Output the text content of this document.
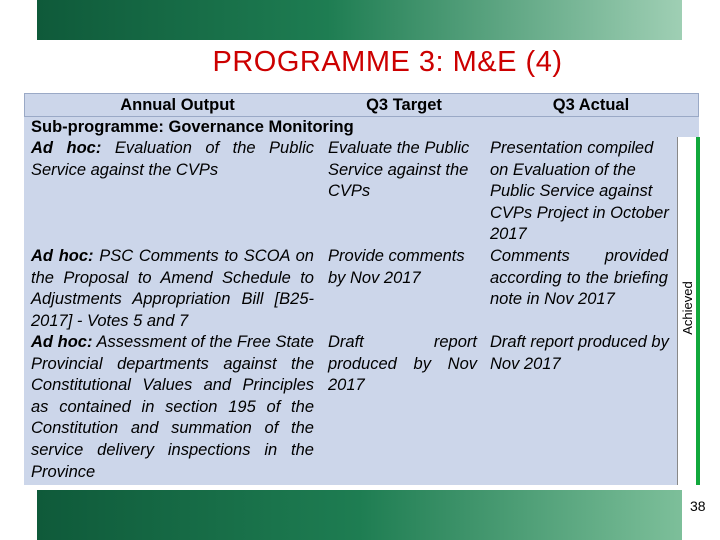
PROGRAMME 3: M&E (4)
Annual Output	Q3 Target	Q3 Actual
Sub-programme: Governance Monitoring
Ad hoc: Evaluation of the Public Service against the CVPs
Evaluate the Public Service against the CVPs
Presentation compiled on Evaluation of the Public Service against CVPs Project in October 2017
Ad hoc: PSC Comments to SCOA on the Proposal to Amend Schedule to Adjustments Appropriation Bill [B25-2017] - Votes 5 and 7
Provide comments by Nov 2017
Comments provided according to the briefing note in Nov 2017
Ad hoc: Assessment of the Free State Provincial departments against the Constitutional Values and Principles as contained in section 195 of the Constitution and summation of the service delivery inspections in the Province
Draft report produced by Nov 2017
Draft report produced by Nov 2017
Achieved
38
